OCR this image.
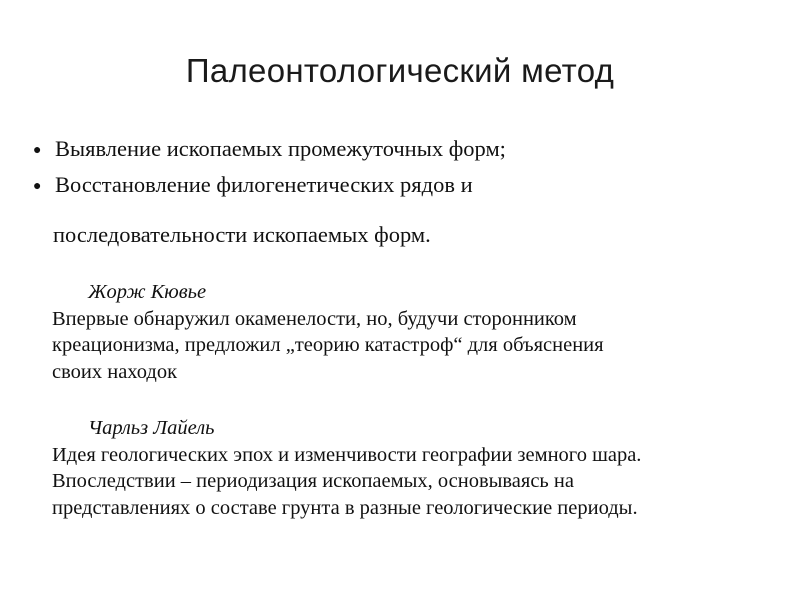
Палеонтологический метод
● Выявление ископаемых промежуточных форм;
● Восстановление филогенетических рядов и
последовательности ископаемых форм.
Жорж Кювье
Впервые обнаружил окаменелости, но, будучи сторонником
креационизма, предложил „теорию катастроф“ для объяснения
своих находок
Чарльз Лайель
Идея геологических эпох и изменчивости географии земного шара.
Впоследствии – периодизация ископаемых, основываясь на
представлениях о составе грунта в разные геологические периоды.
